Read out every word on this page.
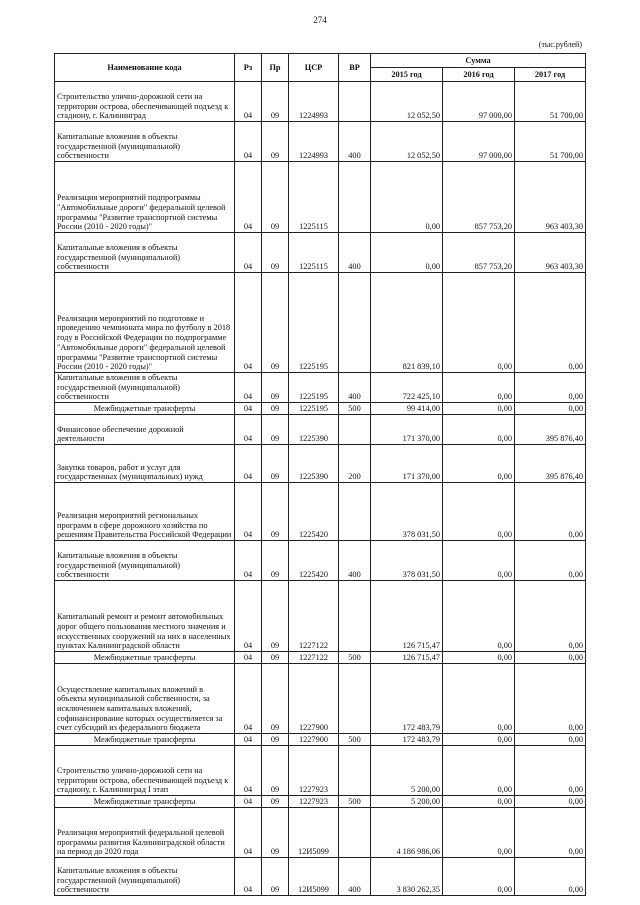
274
(тыс.рублей)
Наименование кода	Рз	Пр	ЦСР	ВР	Сумма		
					2015 год	2016 год	2017 год
Строительство улично-дорожной сети на территории острова, обеспечивающей подъезд к стадиону, г. Калининград	04	09	1224993		12 052,50	97 000,00	51 700,00
Капитальные вложения в объекты государственной (муниципальной) собственности	04	09	1224993	400	12 052,50	97 000,00	51 700,00
Реализация мероприятий подпрограммы "Автомобильные дороги" федеральной целевой программы "Развитие транспортной системы России (2010 - 2020 годы)"	04	09	1225115		0,00	857 753,20	963 403,30
Капитальные вложения в объекты государственной (муниципальной) собственности	04	09	1225115	400	0,00	857 753,20	963 403,30
Реализация мероприятий по подготовке и проведению чемпионата мира по футболу в 2018 году в Российской Федерации по подпрограмме "Автомобильные дороги" федеральной целевой программы "Развитие транспортной системы России (2010 - 2020 годы)"	04	09	1225195		821 839,10	0,00	0,00
Капитальные вложения в объекты государственной (муниципальной) собственности	04	09	1225195	400	722 425,10	0,00	0,00
Межбюджетные трансферты	04	09	1225195	500	99 414,00	0,00	0,00
Финансовое обеспечение дорожной деятельности	04	09	1225390		171 370,00	0,00	395 876,40
Закупка товаров, работ и услуг для государственных (муниципальных) нужд	04	09	1225390	200	171 370,00	0,00	395 876,40
Реализация мероприятий региональных программ в сфере дорожного хозяйства по решениям Правительства Российской Федерации	04	09	1225420		378 031,50	0,00	0,00
Капитальные вложения в объекты государственной (муниципальной) собственности	04	09	1225420	400	378 031,50	0,00	0,00
Капитальный ремонт и ремонт автомобильных дорог общего пользования местного значения и искусственных сооружений на них в населенных пунктах Калининградской области	04	09	1227122		126 715,47	0,00	0,00
Межбюджетные трансферты	04	09	1227122	500	126 715,47	0,00	0,00
Осуществление капитальных вложений в объекты муниципальной собственности, за исключением капитальных вложений, софинансирование которых осуществляется за счет субсидий из федерального бюджета	04	09	1227900		172 483,79	0,00	0,00
Межбюджетные трансферты	04	09	1227900	500	172 483,79	0,00	0,00
Строительство улично-дорожной сети на территории острова, обеспечивающей подъезд к стадиону, г. Калининград I этап	04	09	1227923		5 200,00	0,00	0,00
Межбюджетные трансферты	04	09	1227923	500	5 200,00	0,00	0,00
Реализация мероприятий федеральной целевой программы развития Калининградской области на период до 2020 года	04	09	12И5099		4 186 986,06	0,00	0,00
Капитальные вложения в объекты государственной (муниципальной) собственности	04	09	12И5099	400	3 830 262,35	0,00	0,00
